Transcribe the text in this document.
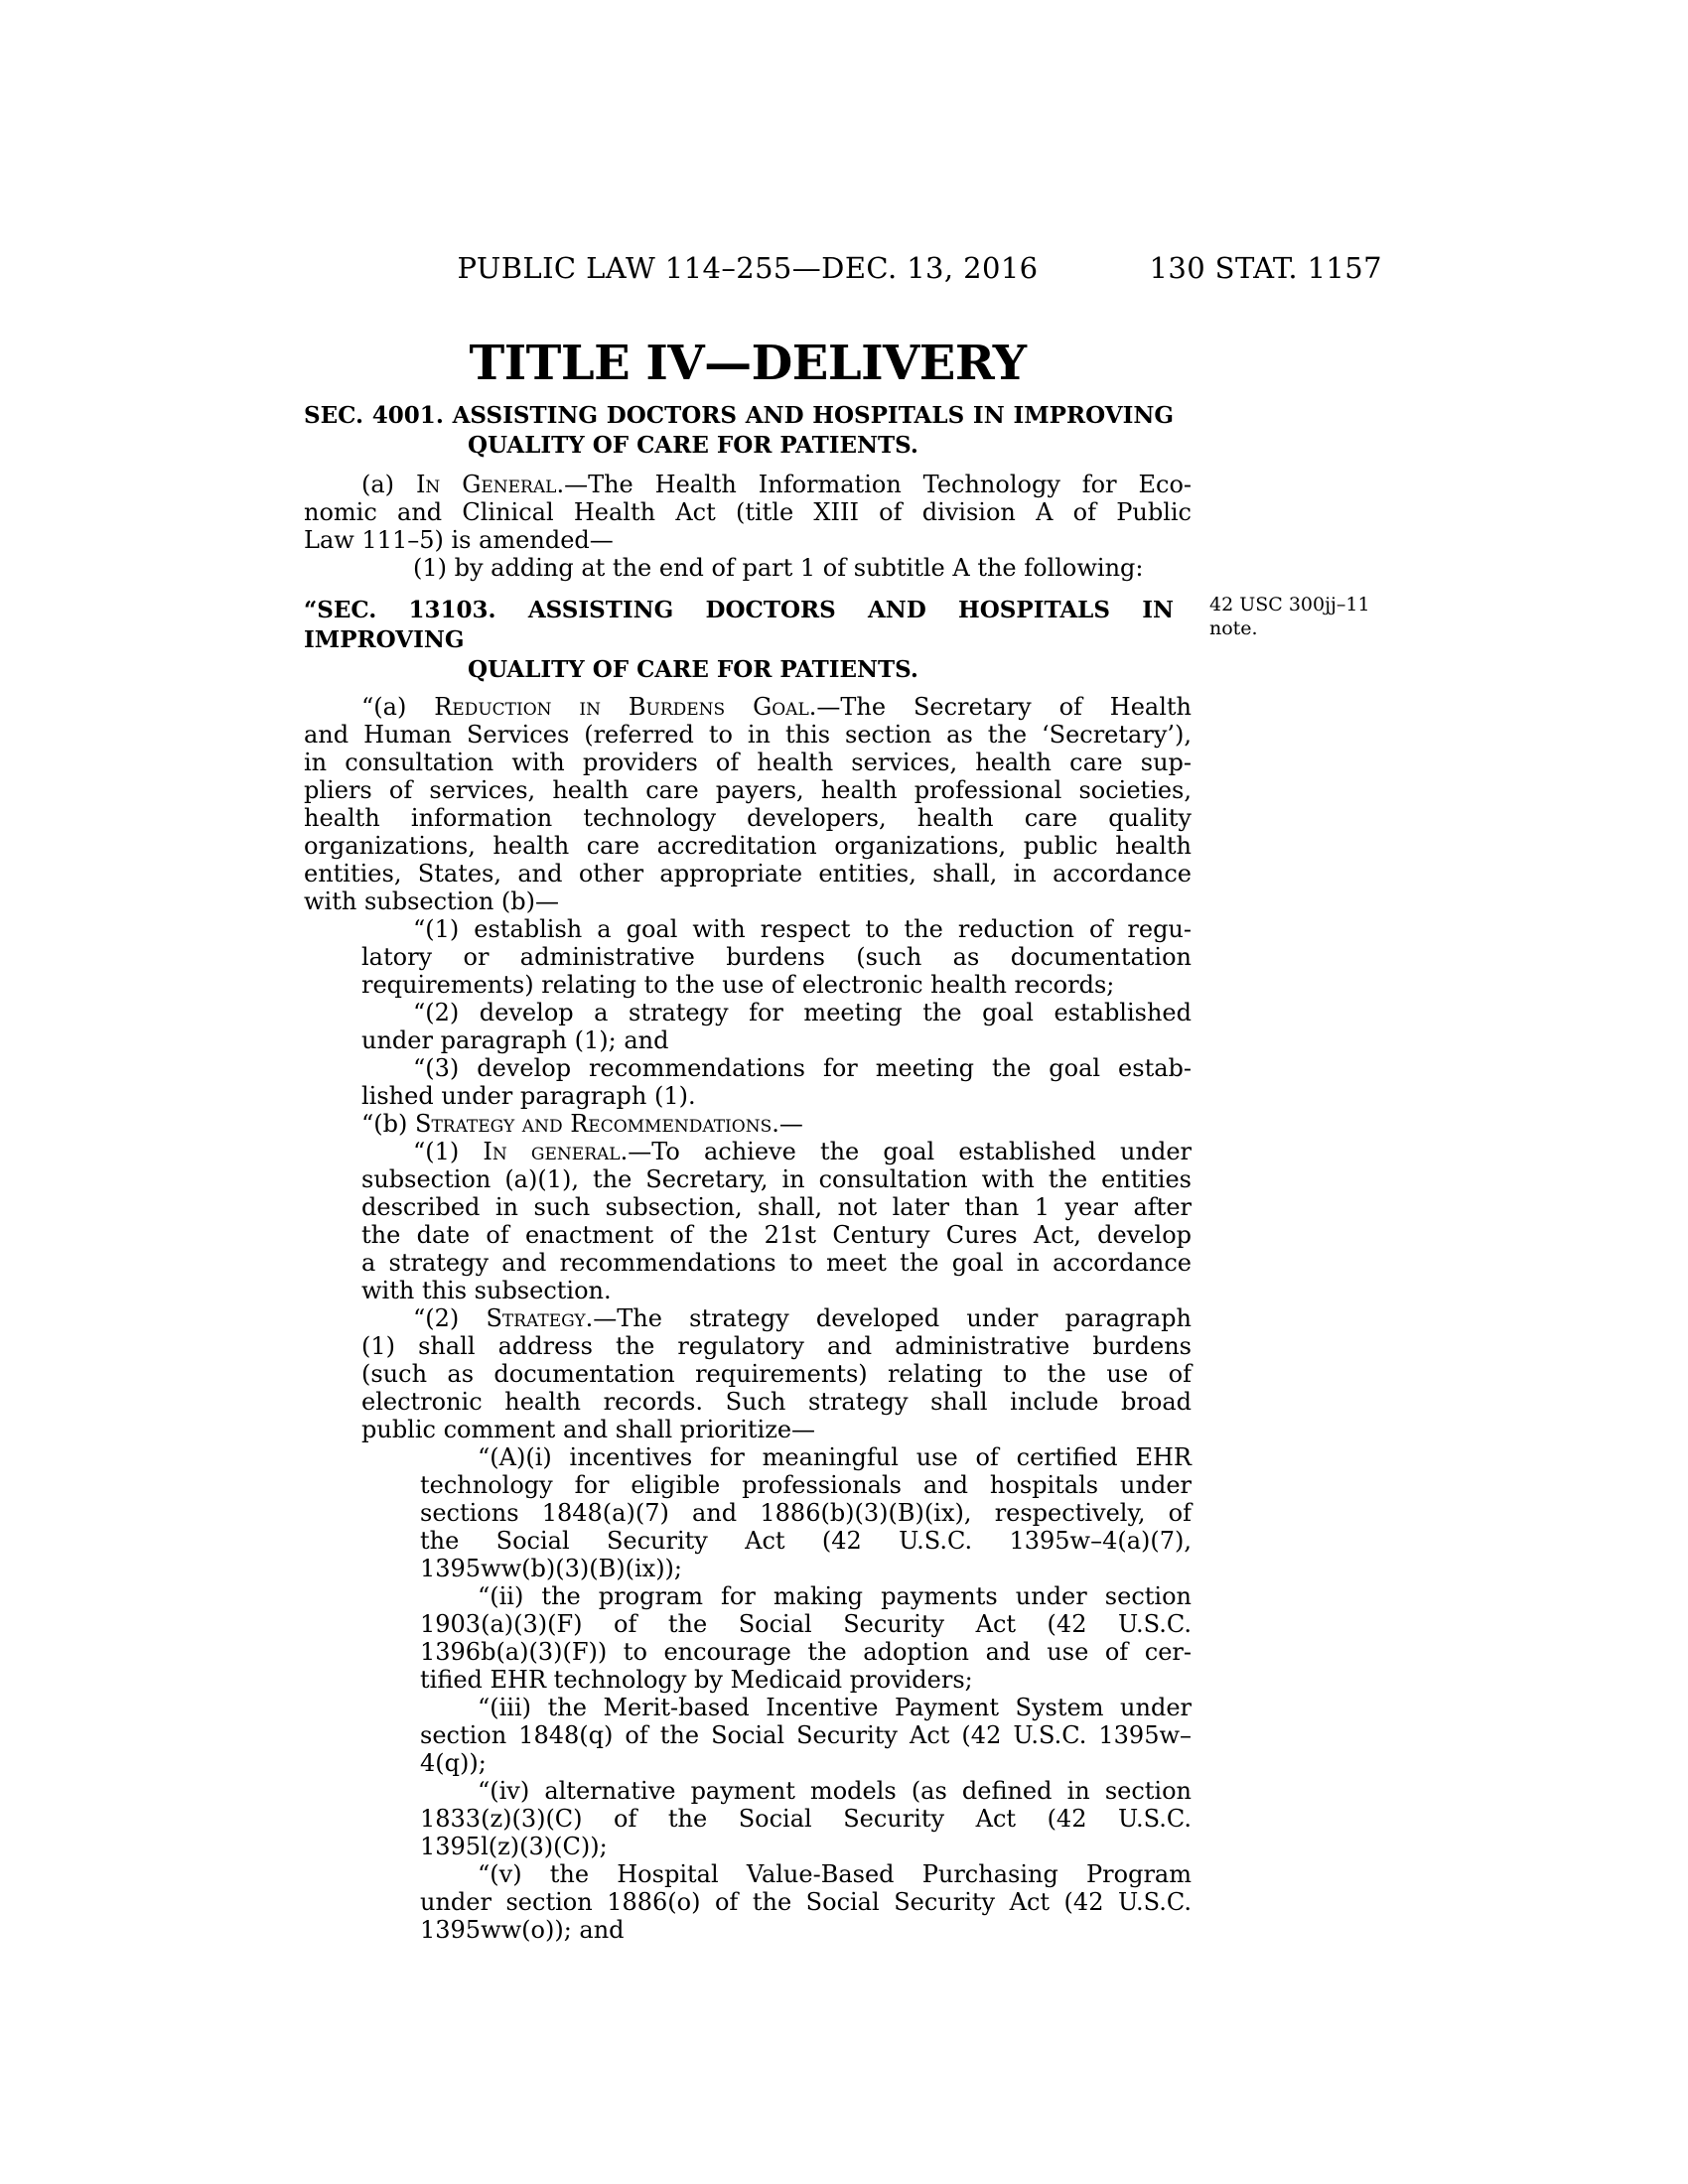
PUBLIC LAW 114–255—DEC. 13, 2016	130 STAT. 1157
TITLE IV—DELIVERY
42 USC 300jj–11
note.
SEC. 4001. ASSISTING DOCTORS AND HOSPITALS IN IMPROVING
QUALITY OF CARE FOR PATIENTS.
(a) In General.—The Health Information Technology for Eco-
nomic and Clinical Health Act (title XIII of division A of Public
Law 111–5) is amended—
(1) by adding at the end of part 1 of subtitle A the following:
“SEC. 13103. ASSISTING DOCTORS AND HOSPITALS IN IMPROVING
QUALITY OF CARE FOR PATIENTS.
“(a) Reduction in Burdens Goal.—The Secretary of Health
and Human Services (referred to in this section as the ‘Secretary’),
in consultation with providers of health services, health care sup-
pliers of services, health care payers, health professional societies,
health information technology developers, health care quality
organizations, health care accreditation organizations, public health
entities, States, and other appropriate entities, shall, in accordance
with subsection (b)—
“(1) establish a goal with respect to the reduction of regu-
latory or administrative burdens (such as documentation
requirements) relating to the use of electronic health records;
“(2) develop a strategy for meeting the goal established
under paragraph (1); and
“(3) develop recommendations for meeting the goal estab-
lished under paragraph (1).
“(b) Strategy and Recommendations.—
“(1) In general.—To achieve the goal established under
subsection (a)(1), the Secretary, in consultation with the entities
described in such subsection, shall, not later than 1 year after
the date of enactment of the 21st Century Cures Act, develop
a strategy and recommendations to meet the goal in accordance
with this subsection.
“(2) Strategy.—The strategy developed under paragraph
(1) shall address the regulatory and administrative burdens
(such as documentation requirements) relating to the use of
electronic health records. Such strategy shall include broad
public comment and shall prioritize—
“(A)(i) incentives for meaningful use of certified EHR
technology for eligible professionals and hospitals under
sections 1848(a)(7) and 1886(b)(3)(B)(ix), respectively, of
the Social Security Act (42 U.S.C. 1395w–4(a)(7),
1395ww(b)(3)(B)(ix));
“(ii) the program for making payments under section
1903(a)(3)(F) of the Social Security Act (42 U.S.C.
1396b(a)(3)(F)) to encourage the adoption and use of cer-
tified EHR technology by Medicaid providers;
“(iii) the Merit-based Incentive Payment System under
section 1848(q) of the Social Security Act (42 U.S.C. 1395w–
4(q));
“(iv) alternative payment models (as defined in section
1833(z)(3)(C) of the Social Security Act (42 U.S.C.
1395l(z)(3)(C));
“(v) the Hospital Value-Based Purchasing Program
under section 1886(o) of the Social Security Act (42 U.S.C.
1395ww(o)); and
